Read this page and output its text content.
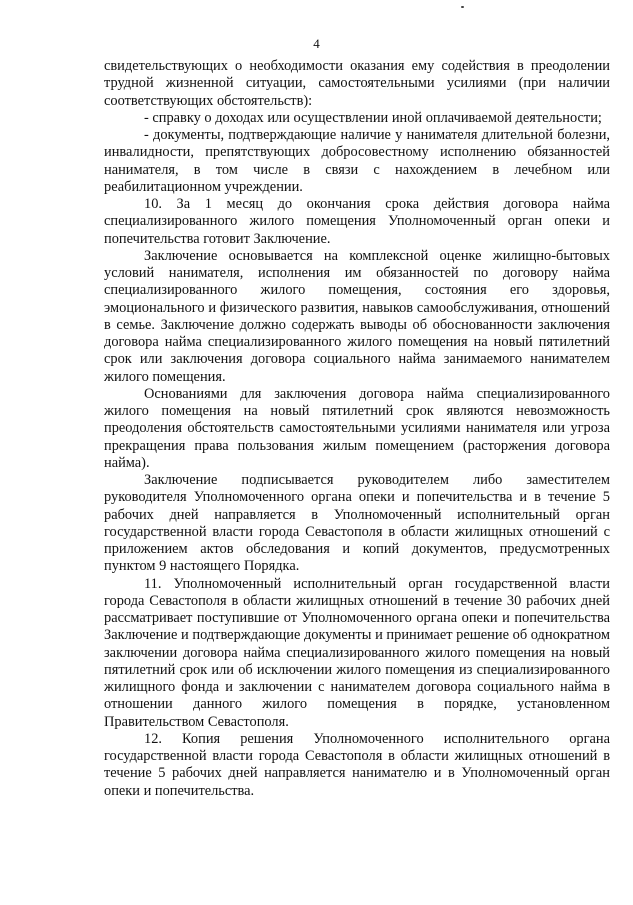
4

свидетельствующих о необходимости оказания ему содействия в преодолении трудной жизненной ситуации, самостоятельными усилиями (при наличии соответствующих обстоятельств):

- справку о доходах или осуществлении иной оплачиваемой деятельности;

- документы, подтверждающие наличие у нанимателя длительной болезни, инвалидности, препятствующих добросовестному исполнению обязанностей нанимателя, в том числе в связи с нахождением в лечебном или реабилитационном учреждении.

10. За 1 месяц до окончания срока действия договора найма специализированного жилого помещения Уполномоченный орган опеки и попечительства готовит Заключение.

Заключение основывается на комплексной оценке жилищно-бытовых условий нанимателя, исполнения им обязанностей по договору найма специализированного жилого помещения, состояния его здоровья, эмоционального и физического развития, навыков самообслуживания, отношений в семье. Заключение должно содержать выводы об обоснованности заключения договора найма специализированного жилого помещения на новый пятилетний срок или заключения договора социального найма занимаемого нанимателем жилого помещения.

Основаниями для заключения договора найма специализированного жилого помещения на новый пятилетний срок являются невозможность преодоления обстоятельств самостоятельными усилиями нанимателя или угроза прекращения права пользования жилым помещением (расторжения договора найма).

Заключение подписывается руководителем либо заместителем руководителя Уполномоченного органа опеки и попечительства и в течение 5 рабочих дней направляется в Уполномоченный исполнительный орган государственной власти города Севастополя в области жилищных отношений с приложением актов обследования и копий документов, предусмотренных пунктом 9 настоящего Порядка.

11. Уполномоченный исполнительный орган государственной власти города Севастополя в области жилищных отношений в течение 30 рабочих дней рассматривает поступившие от Уполномоченного органа опеки и попечительства Заключение и подтверждающие документы и принимает решение об однократном заключении договора найма специализированного жилого помещения на новый пятилетний срок или об исключении жилого помещения из специализированного жилищного фонда и заключении с нанимателем договора социального найма в отношении данного жилого помещения в порядке, установленном Правительством Севастополя.

12. Копия решения Уполномоченного исполнительного органа государственной власти города Севастополя в области жилищных отношений в течение 5 рабочих дней направляется нанимателю и в Уполномоченный орган опеки и попечительства.
